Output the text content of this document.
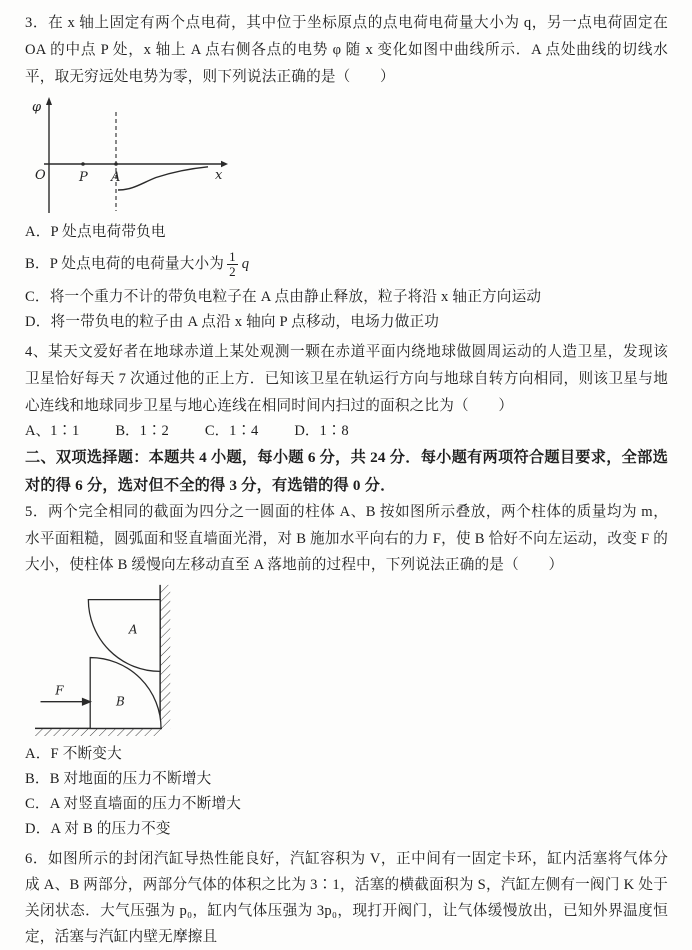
3．在 x 轴上固定有两个点电荷，其中位于坐标原点的点电荷电荷量大小为 q，另一点电荷固定在 OA 的中点 P 处，x 轴上 A 点右侧各点的电势 φ 随 x 变化如图中曲线所示．A 点处曲线的切线水平，取无穷远处电势为零，则下列说法正确的是（　　）
φ
O	P A	x
A．P 处点电荷带负电
B．P 处点电荷的电荷量大小为 $\frac{1}{2}$ q
C．将一个重力不计的带负电粒子在 A 点由静止释放，粒子将沿 x 轴正方向运动
D．将一带负电的粒子由 A 点沿 x 轴向 P 点移动，电场力做正功
4、某天文爱好者在地球赤道上某处观测一颗在赤道平面内绕地球做圆周运动的人造卫星，发现该卫星恰好每天 7 次通过他的正上方．已知该卫星在轨运行方向与地球自转方向相同，则该卫星与地心连线和地球同步卫星与地心连线在相同时间内扫过的面积之比为（　　）
A、1∶1 B．1∶2 C．1∶4 D．1∶8
二、双项选择题：本题共 4 小题，每小题 6 分，共 24 分．每小题有两项符合题目要求，全部选对的得 6 分，选对但不全的得 3 分，有选错的得 0 分．
5．两个完全相同的截面为四分之一圆面的柱体 A、B 按如图所示叠放，两个柱体的质量均为 m，水平面粗糙，圆弧面和竖直墙面光滑，对 B 施加水平向右的力 F，使 B 恰好不向左运动，改变 F 的大小，使柱体 B 缓慢向左移动直至 A 落地前的过程中，下列说法正确的是（　　）
F
A
B
A．F 不断变大
B．B 对地面的压力不断增大
C．A 对竖直墙面的压力不断增大
D．A 对 B 的压力不变
6．如图所示的封闭汽缸导热性能良好，汽缸容积为 V，正中间有一固定卡环，缸内活塞将气体分成 A、B 两部分，两部分气体的体积之比为 3∶1，活塞的横截面积为 S，汽缸左侧有一阀门 K 处于关闭状态．大气压强为 p₀，缸内气体压强为 3p₀，现打开阀门，让气体缓慢放出，已知外界温度恒定，活塞与汽缸内壁无摩擦且
